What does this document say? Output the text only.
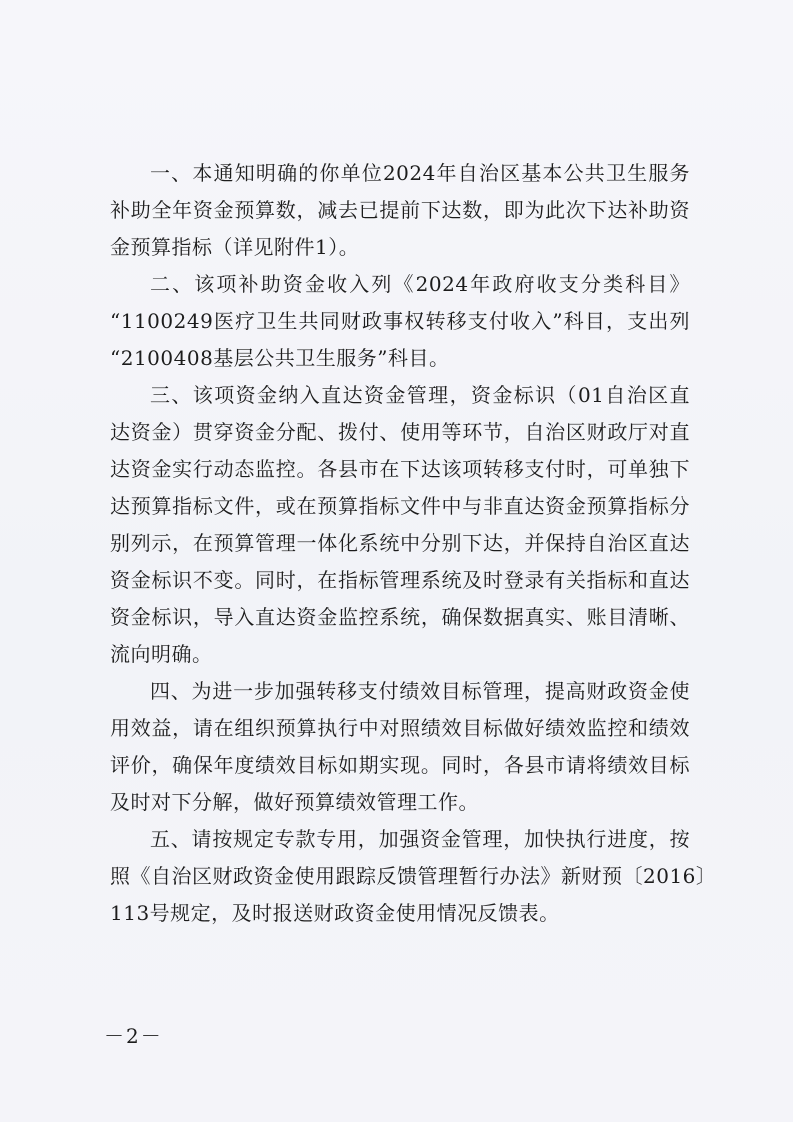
一、本通知明确的你单位2024年自治区基本公共卫生服务
补助全年资金预算数，减去已提前下达数，即为此次下达补助资
金预算指标（详见附件1）。
二、该项补助资金收入列《2024年政府收支分类科目》
“1100249医疗卫生共同财政事权转移支付收入”科目，支出列
“2100408基层公共卫生服务”科目。
三、该项资金纳入直达资金管理，资金标识（01自治区直
达资金）贯穿资金分配、拨付、使用等环节，自治区财政厅对直
达资金实行动态监控。各县市在下达该项转移支付时，可单独下
达预算指标文件，或在预算指标文件中与非直达资金预算指标分
别列示，在预算管理一体化系统中分别下达，并保持自治区直达
资金标识不变。同时，在指标管理系统及时登录有关指标和直达
资金标识，导入直达资金监控系统，确保数据真实、账目清晰、
流向明确。
四、为进一步加强转移支付绩效目标管理，提高财政资金使
用效益，请在组织预算执行中对照绩效目标做好绩效监控和绩效
评价，确保年度绩效目标如期实现。同时，各县市请将绩效目标
及时对下分解，做好预算绩效管理工作。
五、请按规定专款专用，加强资金管理，加快执行进度，按
照《自治区财政资金使用跟踪反馈管理暂行办法》新财预〔2016〕
113号规定，及时报送财政资金使用情况反馈表。
－2－
